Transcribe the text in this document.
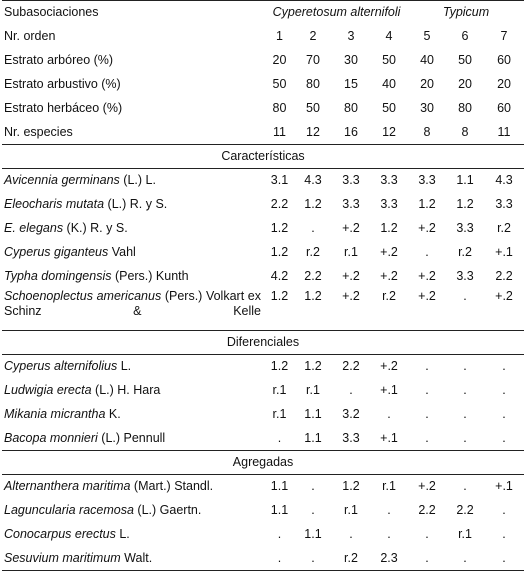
Subasociaciones	Cyperetosum alternifoli				Typicum		
Nr. orden	1	2	3	4	5	6	7
Estrato arbóreo (%)	20	70	30	50	40	50	60
Estrato arbustivo (%)	50	80	15	40	20	20	20
Estrato herbáceo (%)	80	50	80	50	30	80	60
Nr. especies	11	12	16	12	8	8	11
Características							
Avicennia germinans (L.) L.	3.1	4.3	3.3	3.3	3.3	1.1	4.3
Eleocharis mutata (L.) R. y S.	2.2	1.2	3.3	3.3	1.2	1.2	3.3
E. elegans (K.) R. y S.	1.2	.	+.2	1.2	+.2	3.3	r.2
Cyperus giganteus Vahl	1.2	r.2	r.1	+.2	.	r.2	+.1
Typha domingensis (Pers.) Kunth	4.2	2.2	+.2	+.2	+.2	3.3	2.2
Schoenoplectus americanus (Pers.) Volkart ex Schinz & Kelle	1.2	1.2	+.2	r.2	+.2	.	+.2
Diferenciales							
Cyperus alternifolius L.	1.2	1.2	2.2	+.2	.	.	.
Ludwigia erecta (L.) H. Hara	r.1	r.1	.	+.1	.	.	.
Mikania micrantha K.	r.1	1.1	3.2	.	.	.	.
Bacopa monnieri (L.) Pennull	.	1.1	3.3	+.1	.	.	.
Agregadas							
Alternanthera maritima (Mart.) Standl.	1.1	.	1.2	r.1	+.2	.	+.1
Laguncularia racemosa (L.) Gaertn.	1.1	.	r.1	.	2.2	2.2	.
Conocarpus erectus L.	.	1.1	.	.	.	r.1	.
Sesuvium maritimum Walt.	.	.	r.2	2.3	.	.	.
